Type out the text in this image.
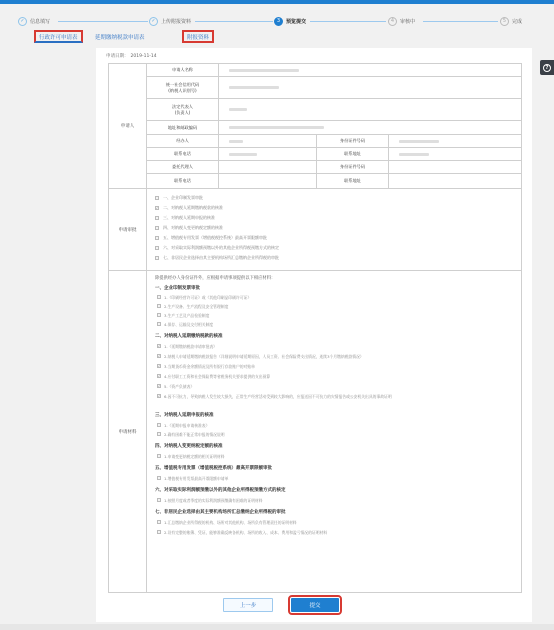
✓	信息填写	✓	上传附报资料	3	预览提交	4	审核中	5	完成
行政许可申请表	延期缴纳税款申请表	附报资料
?
申请日期： 2019-11-14
申请人
申请人名称
统一社会信用代码
(纳税人识别号)
法定代表人
(负责人)
地址和邮政编码
经办人	身份证件号码
联系电话	联系地址
委托代理人	身份证件号码
联系电话	联系地址
申请审批
一、企业印制发票审批
✓ 二、对纳税人延期缴纳税款的核准
三、对纳税人延期申报的核准
四、对纳税人变更纳税定额的核准
五、增值税专用发票（增值税税控系统）最高开票限额审批
六、对采取实际利润额预缴以外的其他企业所得税预缴方式的核定
七、非居民企业选择由其主要机构场所汇总缴纳企业所得税的审批
申请材料
除提供经办人身份证件外，应根据申请事项提供以下相应材料：
一、企业印制发票审批
1.《印刷经营许可证》或《其他印刷品印刷许可证》
2.生产设备、生产流程及安全管理制度
3.生产工艺及产品检验制度
4.保存、运输及交付相关制度
二、对纳税人延期缴纳税款的核准
✓ 1.《延期缴纳税款申请审批表》
✓ 2.纳税人申请延期缴纳税款报告（详细说明申请延期原因，人员工资、社会保险费支出情况，连续3个月缴纳税款情况）
✓ 3.当期货币资金余额情况及所有银行存款账户的对账单
✓ 4.应付职工工资和社会保险费等省税务机关要求提供的支出预算
✓ 5.《资产负债表》
✓ 6.因不可抗力，导致纳税人发生较大损失，正常生产经营活动受到较大影响的，应报送因不可抗力的灾情报告或公安机关出具的事故证明
三、对纳税人延期申报的核准
1.《延期申报申请核准表》
2.确有困难不能正常申报的情况说明
四、对纳税人变更纳税定额的核准
1.申请变更纳税定额的相关证明材料
五、增值税专用发票（增值税税控系统）最高开票限额审批
1.增值税专用发票最高开票限额申请单
六、对采取实际利润额预缴以外的其他企业所得税预缴方式的核定
1.按照月度或者季度的实际利润额预缴确有困难的证明材料
七、非居民企业选择由其主要机构场所汇总缴纳企业所得税的审批
1.汇总缴纳企业所得税的机构、场所对其他机构、场所负有管理责任的证明材料
2.设有完整的账簿、凭证，能够准确反映各机构、场所的收入、成本、费用和盈亏情况的证明材料
上一步	提交
